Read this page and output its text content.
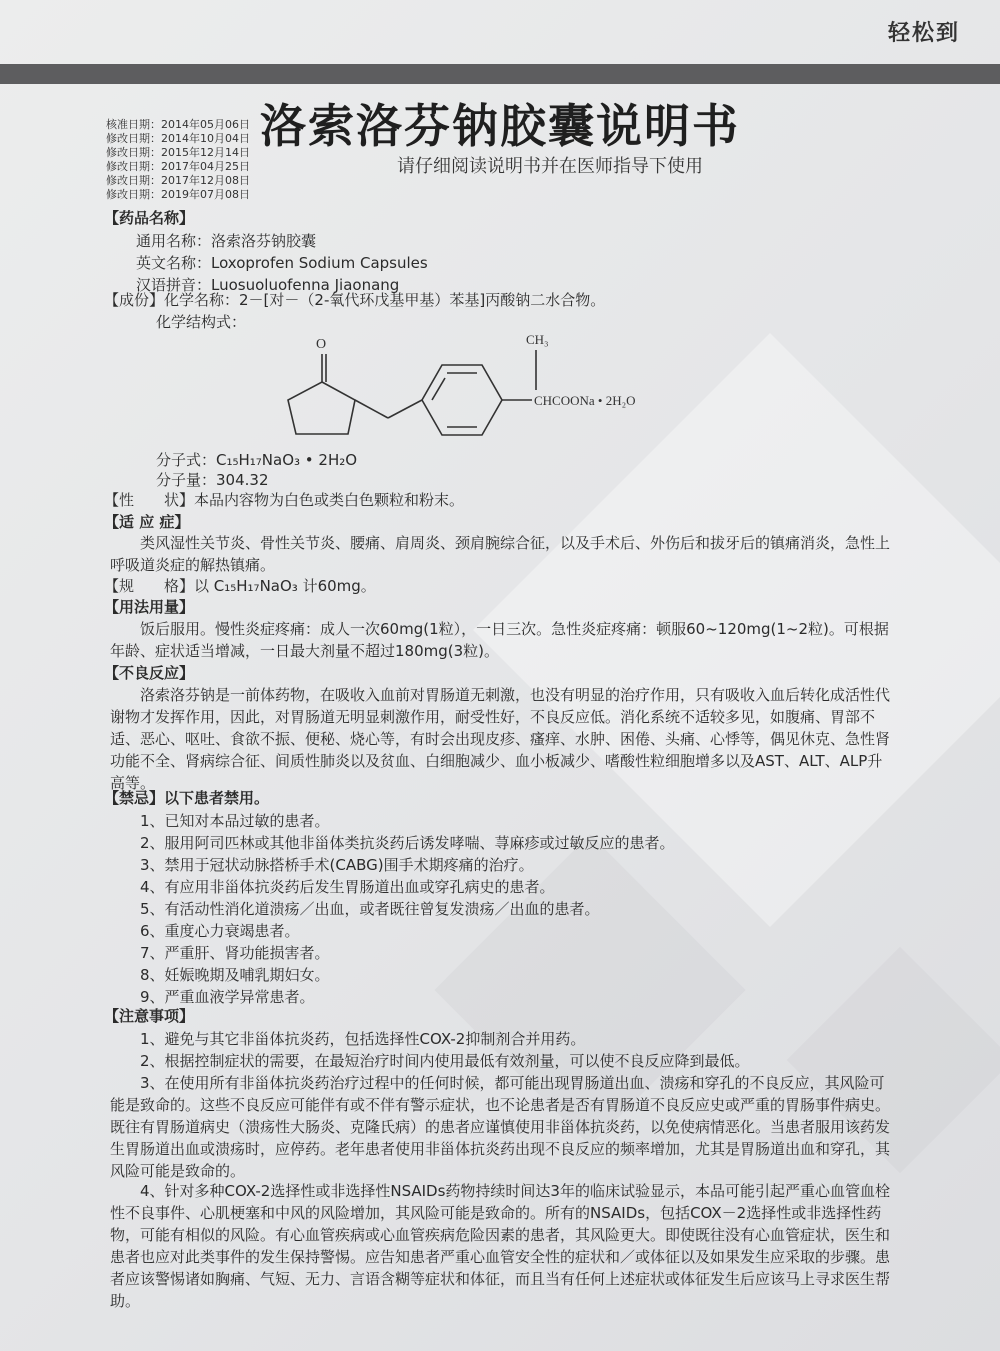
轻松到
洛索洛芬钠胶囊说明书
请仔细阅读说明书并在医师指导下使用
核准日期：2014年05月06日
修改日期：2014年10月04日
修改日期：2015年12月14日
修改日期：2017年04月25日
修改日期：2017年12月08日
修改日期：2019年07月08日
【药品名称】
通用名称：洛索洛芬钠胶囊
英文名称：Loxoprofen Sodium Capsules
汉语拼音：Luosuoluofenna Jiaonang
【成份】化学名称：2－[对－（2-氧代环戊基甲基）苯基]丙酸钠二水合物。
化学结构式：
O	CH₃
CHCOONa • 2H₂O
分子式：C₁₅H₁₇NaO₃ • 2H₂O
分子量：304.32
【性　　状】本品内容物为白色或类白色颗粒和粉末。
【适 应 症】
类风湿性关节炎、骨性关节炎、腰痛、肩周炎、颈肩腕综合征，以及手术后、外伤后和拔牙后的镇痛消炎，急性上呼吸道炎症的解热镇痛。
【规　　格】以 C₁₅H₁₇NaO₃ 计60mg。
【用法用量】
饭后服用。慢性炎症疼痛：成人一次60mg(1粒），一日三次。急性炎症疼痛：顿服60~120mg(1~2粒)。可根据年龄、症状适当增减，一日最大剂量不超过180mg(3粒)。
【不良反应】
洛索洛芬钠是一前体药物，在吸收入血前对胃肠道无刺激，也没有明显的治疗作用，只有吸收入血后转化成活性代谢物才发挥作用，因此，对胃肠道无明显刺激作用，耐受性好，不良反应低。消化系统不适较多见，如腹痛、胃部不适、恶心、呕吐、食欲不振、便秘、烧心等，有时会出现皮疹、瘙痒、水肿、困倦、头痛、心悸等，偶见休克、急性肾功能不全、肾病综合征、间质性肺炎以及贫血、白细胞减少、血小板减少、嗜酸性粒细胞增多以及AST、ALT、ALP升高等。
【禁忌】以下患者禁用。
1、已知对本品过敏的患者。
2、服用阿司匹林或其他非甾体类抗炎药后诱发哮喘、荨麻疹或过敏反应的患者。
3、禁用于冠状动脉搭桥手术(CABG)围手术期疼痛的治疗。
4、有应用非甾体抗炎药后发生胃肠道出血或穿孔病史的患者。
5、有活动性消化道溃疡／出血，或者既往曾复发溃疡／出血的患者。
6、重度心力衰竭患者。
7、严重肝、肾功能损害者。
8、妊娠晚期及哺乳期妇女。
9、严重血液学异常患者。
【注意事项】
1、避免与其它非甾体抗炎药，包括选择性COX-2抑制剂合并用药。
2、根据控制症状的需要，在最短治疗时间内使用最低有效剂量，可以使不良反应降到最低。
3、在使用所有非甾体抗炎药治疗过程中的任何时候，都可能出现胃肠道出血、溃疡和穿孔的不良反应，其风险可能是致命的。这些不良反应可能伴有或不伴有警示症状，也不论患者是否有胃肠道不良反应史或严重的胃肠事件病史。既往有胃肠道病史（溃疡性大肠炎、克隆氏病）的患者应谨慎使用非甾体抗炎药，以免使病情恶化。当患者服用该药发生胃肠道出血或溃疡时，应停药。老年患者使用非甾体抗炎药出现不良反应的频率增加，尤其是胃肠道出血和穿孔，其风险可能是致命的。
4、针对多种COX-2选择性或非选择性NSAIDs药物持续时间达3年的临床试验显示，本品可能引起严重心血管血栓性不良事件、心肌梗塞和中风的风险增加，其风险可能是致命的。所有的NSAIDs，包括COX－2选择性或非选择性药物，可能有相似的风险。有心血管疾病或心血管疾病危险因素的患者，其风险更大。即使既往没有心血管症状，医生和患者也应对此类事件的发生保持警惕。应告知患者严重心血管安全性的症状和／或体征以及如果发生应采取的步骤。患者应该警惕诸如胸痛、气短、无力、言语含糊等症状和体征，而且当有任何上述症状或体征发生后应该马上寻求医生帮助。
